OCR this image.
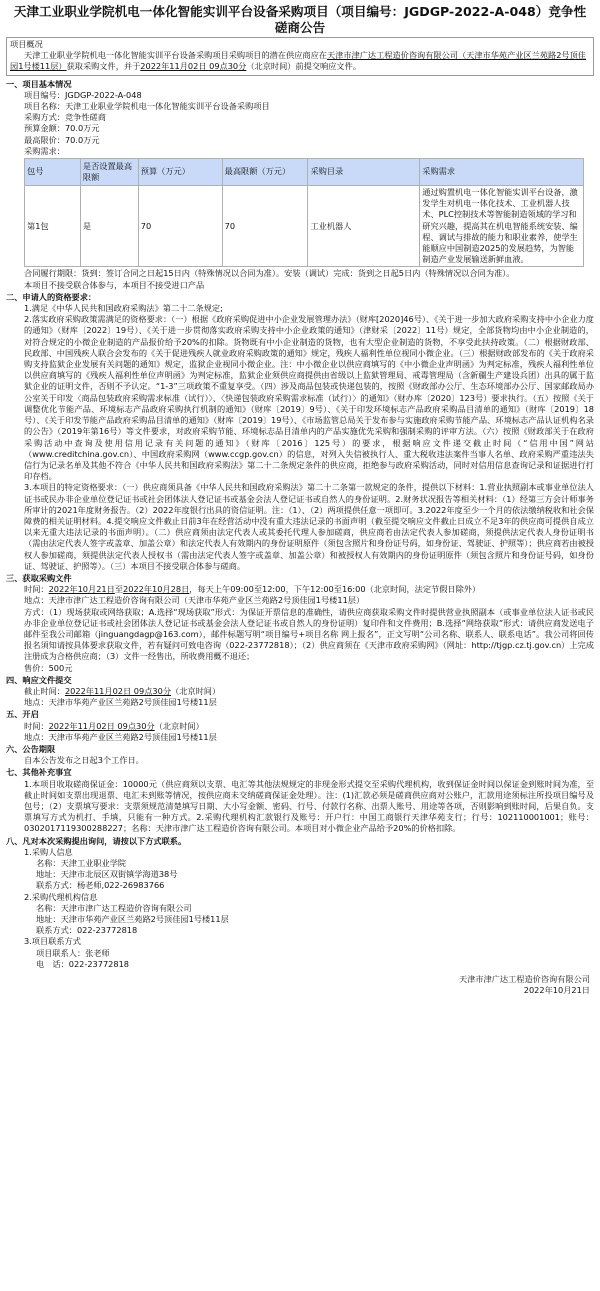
天津工业职业学院机电一体化智能实训平台设备采购项目（项目编号：JGDGP-2022-A-048）竞争性磋商公告
项目概况
天津工业职业学院机电一体化智能实训平台设备采购项目采购项目的潜在供应商应在天津市津广达工程造价咨询有限公司（天津市华苑产业区兰苑路2号顶佳园1号楼11层）获取采购文件，并于2022年11月02日 09点30分（北京时间）前提交响应文件。
一、项目基本情况
项目编号：JGDGP-2022-A-048
项目名称：天津工业职业学院机电一体化智能实训平台设备采购项目
采购方式：竞争性磋商
预算金额：70.0万元
最高限价：70.0万元
采购需求：
包号	是否设置最高限额	预算（万元）	最高限额（万元）	采购目录	采购需求
第1包	是	70	70	工业机器人	通过购置机电一体化智能实训平台设备，激发学生对机电一体化技术、工业机器人技术、PLC控制技术等智能制造领域的学习和研究兴趣，提高其在机电智能系统安装、编程、调试与排故的能力和职业素养，使学生能顺应中国制造2025的发展趋势，为智能制造产业发展输送新鲜血液。
合同履行期限：货到：签订合同之日起15日内（特殊情况以合同为准）。安装（调试）完成：货到之日起5日内（特殊情况以合同为准）。
本项目不接受联合体参与，本项目不接受进口产品
二、申请人的资格要求：
1.满足《中华人民共和国政府采购法》第二十二条规定;
2.落实政府采购政策需满足的资格要求：（一）根据《政府采购促进中小企业发展管理办法》（财库[2020]46号）、《关于进一步加大政府采购支持中小企业力度的通知》（财库〔2022〕19号）、《关于进一步贯彻落实政府采购支持中小企业政策的通知》（津财采〔2022〕11号）规定，全部货物均由中小企业制造的，对符合规定的小微企业制造的产品报价给予20%的扣除。货物既有中小企业制造的货物，也有大型企业制造的货物，不享受此扶持政策。（二）根据财政部、民政部、中国残疾人联合会发布的《关于促进残疾人就业政府采购政策的通知》规定，残疾人福利性单位视同小微企业。（三）根据财政部发布的《关于政府采购支持监狱企业发展有关问题的通知》规定，监狱企业视同小微企业。注：中小微企业以供应商填写的《中小微企业声明函》为判定标准，残疾人福利性单位以供应商填写的《残疾人福利性单位声明函》为判定标准，监狱企业须供应商提供由省级以上监狱管理局、戒毒管理局（含新疆生产建设兵团）出具的属于监狱企业的证明文件，否则不予认定。“1-3”三项政策不重复享受。（四）涉及商品包装或快递包装的，按照《财政部办公厅、生态环境部办公厅、国家邮政局办公室关于印发〈商品包装政府采购需求标准（试行）〉、〈快递包装政府采购需求标准（试行）〉的通知》（财办库〔2020〕123号）要求执行。（五）按照《关于调整优化节能产品、环境标志产品政府采购执行机制的通知》（财库〔2019〕9号）、《关于印发环境标志产品政府采购品目清单的通知》（财库〔2019〕18号）、《关于印发节能产品政府采购品目清单的通知》（财库〔2019〕19号）、《市场监管总局关于发布参与实施政府采购节能产品、环境标志产品认证机构名录的公告》（2019年第16号）等文件要求，对政府采购节能、环境标志品目清单内的产品实施优先采购和强制采购的评审方法。（六）按照《财政部关于在政府采购活动中查询及使用信用记录有关问题的通知》（财库〔2016〕125号）的要求，根据响应文件递交截止时间（“信用中国”网站（www.creditchina.gov.cn）、中国政府采购网（www.ccgp.gov.cn）的信息，对列入失信被执行人、重大税收违法案件当事人名单、政府采购严重违法失信行为记录名单及其他不符合《中华人民共和国政府采购法》第二十二条规定条件的供应商，拒绝参与政府采购活动，同时对信用信息查询记录和证据进行打印存档。
3.本项目的特定资格要求：（一）供应商须具备《中华人民共和国政府采购法》第二十二条第一款规定的条件，提供以下材料：1.营业执照副本或事业单位法人证书或民办非企业单位登记证书或社会团体法人登记证书或基金会法人登记证书或自然人的身份证明。2.财务状况报告等相关材料：（1）经第三方会计师事务所审计的2021年度财务报告。（2）2022年度银行出具的资信证明。注：（1）、（2）两项提供任意一项即可。3.2022年度至少一个月的依法缴纳税收和社会保障费的相关证明材料。4.提交响应文件截止日前3年在经营活动中没有重大违法记录的书面声明（截至提交响应文件截止日成立不足3年的供应商可提供自成立以来无重大违法记录的书面声明）。（二）供应商须由法定代表人或其委托代理人参加磋商，供应商若由法定代表人参加磋商，须提供法定代表人身份证明书（需由法定代表人签字或盖章、加盖公章）和法定代表人有效期内的身份证明原件（须包含照片和身份证号码，如身份证、驾驶证、护照等）；供应商若由被授权人参加磋商，须提供法定代表人授权书（需由法定代表人签字或盖章、加盖公章）和被授权人有效期内的身份证明原件（须包含照片和身份证号码，如身份证、驾驶证、护照等）。（三）本项目不接受联合体参与磋商。
三、获取采购文件
时间：2022年10月21日至2022年10月28日，每天上午09:00至12:00，下午12:00至16:00（北京时间，法定节假日除外）
地点：天津市津广达工程造价咨询有限公司（天津市华苑产业区兰苑路2号顶佳园1号楼11层）
方式：（1）现场获取或网络获取；A.选择“现场获取”形式：为保证开票信息的准确性，请供应商获取采购文件时提供营业执照副本（或事业单位法人证书或民办非企业单位登记证书或社会团体法人登记证书或基金会法人登记证书或自然人的身份证明）复印件和文件费用；B.选择“网络获取”形式：请供应商发送电子邮件至我公司邮箱（jinguangdagp@163.com），邮件标题写明“项目编号+项目名称 网上报名”，正文写明“公司名称、联系人、联系电话”。我公司将回传报名須知请按具体要求获取文件，若有疑问可致电咨询（022-23772818）；（2）供应商须在《天津市政府采购网》（网址：http://tjgp.cz.tj.gov.cn）上完成注册成为合格供应商；（3）文件一经售出，所收费用概不退还；
售价：500元
四、响应文件提交
截止时间：2022年11月02日 09点30分（北京时间）
地点：天津市华苑产业区兰苑路2号顶佳园1号楼11层
五、开启
时间：2022年11月02日 09点30分（北京时间）
地点：天津市华苑产业区兰苑路2号顶佳园1号楼11层
六、公告期限
自本公告发布之日起3个工作日。
七、其他补充事宜
1.本项目收取磋商保证金：10000元（供应商须以支票、电汇等其他法规规定的非现金形式提交至采购代理机构，收到保证金时间以保证金到账时间为准，至截止时间如支票出现退票、电汇未到账等情况，按供应商未交纳磋商保证金处理）。注：(1)汇款必须是磋商供应商对公账户，汇款用途须标注所投项目编号及包号；（2）支票填写要求：支票须规范清楚填写日期、大小写金额、密码、行号、付款行名称、出票人账号、用途等各项，否则影响到账时间，后果自负。支票填写方式为机打、手填，只能有一种方式。2.采购代理机构汇款银行及账号：开户行：中国工商银行天津华苑支行；行号：102110001001；账号：0302017119300288227；名称：天津市津广达工程造价咨询有限公司。本项目对小微企业产品给予20%的价格扣除。
八、凡对本次采购提出询问，请按以下方式联系。
1.采购人信息
名称：天津工业职业学院
地址：天津市北辰区双街镇学海道38号
联系方式：杨老师,022-26983766
2.采购代理机构信息
名称：天津市津广达工程造价咨询有限公司
地址：天津市华苑产业区兰苑路2号顶佳园1号楼11层
联系方式：022-23772818
3.项目联系方式
项目联系人：张老师
电　话：022-23772818
天津市津广达工程造价咨询有限公司
2022年10月21日
